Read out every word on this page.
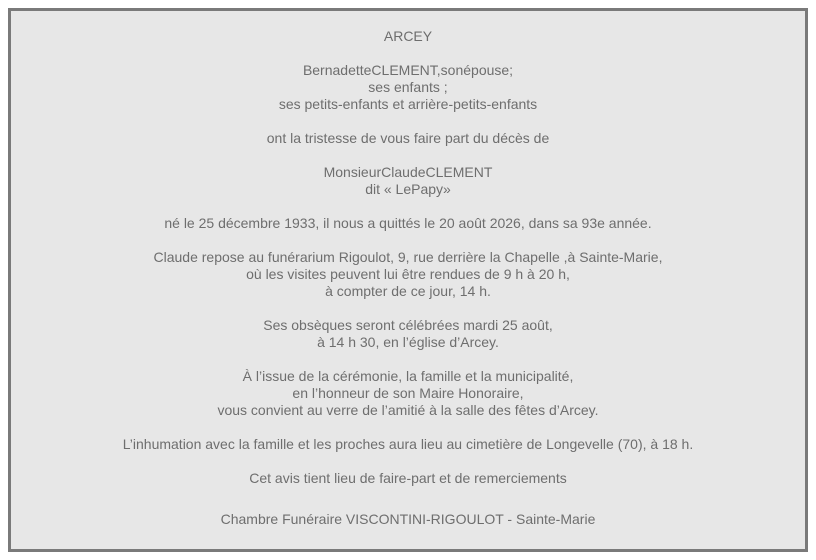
ARCEY
BernadetteCLEMENT,sonépouse;
ses enfants ;
ses petits-enfants et arrière-petits-enfants
ont la tristesse de vous faire part du décès de
MonsieurClaudeCLEMENT
dit « LePapy»
né le 25 décembre 1933, il nous a quittés le 20 août 2026, dans sa 93e année.
Claude repose au funérarium Rigoulot, 9, rue derrière la Chapelle ,à Sainte-Marie,
où les visites peuvent lui être rendues de 9 h à 20 h,
à compter de ce jour, 14 h.
Ses obsèques seront célébrées mardi 25 août,
à 14 h 30, en l’église d’Arcey.
À l’issue de la cérémonie, la famille et la municipalité,
en l’honneur de son Maire Honoraire,
vous convient au verre de l’amitié à la salle des fêtes d’Arcey.
L’inhumation avec la famille et les proches aura lieu au cimetière de Longevelle (70), à 18 h.
Cet avis tient lieu de faire-part et de remerciements
Chambre Funéraire VISCONTINI-RIGOULOT - Sainte-Marie
